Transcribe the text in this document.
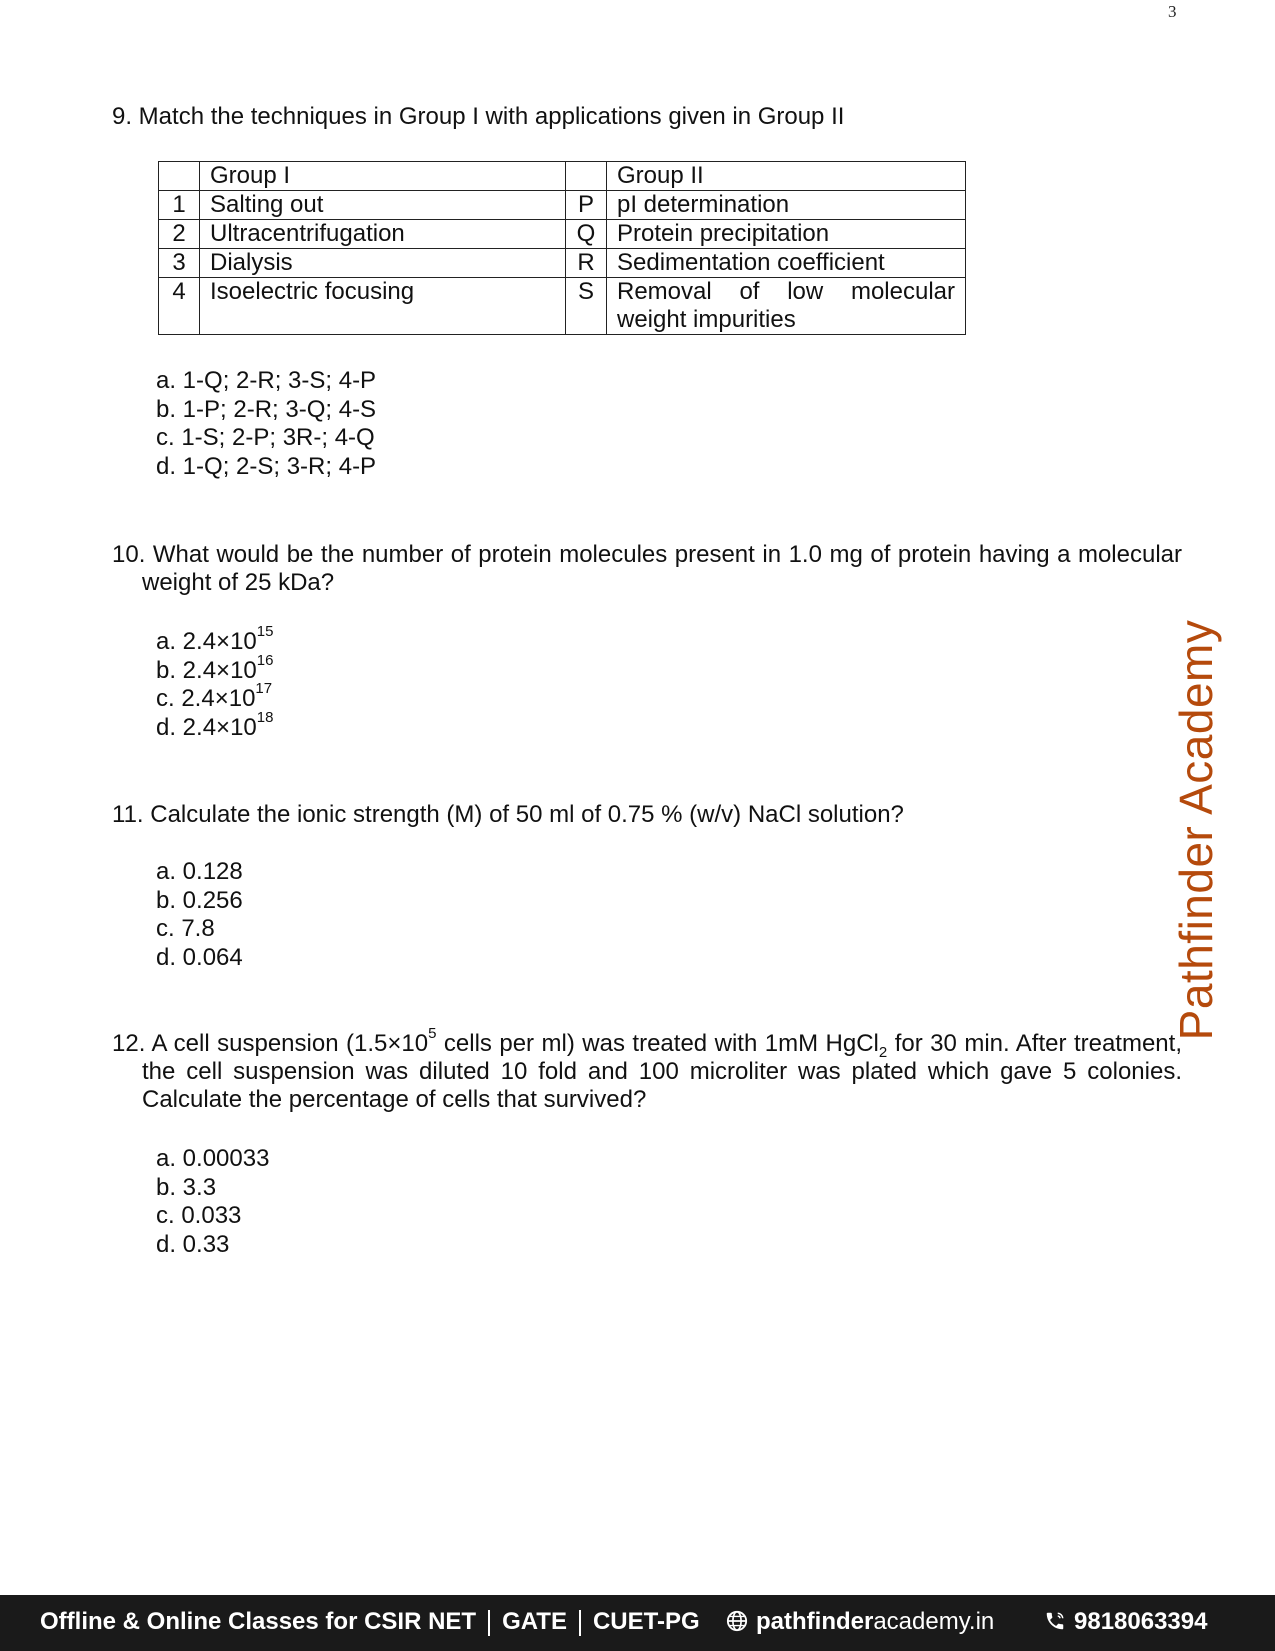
3
9. Match the techniques in Group I with applications given in Group II
	Group I		Group II
1	Salting out	P	pI determination
2	Ultracentrifugation	Q	Protein precipitation
3	Dialysis	R	Sedimentation coefficient
4	Isoelectric focusing	S	Removal of low molecular weight impurities
a. 1-Q; 2-R; 3-S; 4-P
b. 1-P; 2-R; 3-Q; 4-S
c. 1-S; 2-P; 3R-; 4-Q
d. 1-Q; 2-S; 3-R; 4-P
10. What would be the number of protein molecules present in 1.0 mg of protein having a molecular weight of 25 kDa?
a. $2.4\times 10^{15}$
b. $2.4\times 10^{16}$
c. $2.4\times 10^{17}$
d. $2.4\times 10^{18}$
11. Calculate the ionic strength (M) of 50 ml of 0.75 % (w/v) NaCl solution?
a. 0.128
b. 0.256
c. 7.8
d. 0.064
12. A cell suspension ($1.5\times 10^5$ cells per ml) was treated with 1mM HgCl$_2$ for 30 min. After treatment, the cell suspension was diluted 10 fold and 100 microliter was plated which gave 5 colonies. Calculate the percentage of cells that survived?
a. 0.00033
b. 3.3
c. 0.033
d. 0.33
Pathfinder Academy
Offline & Online Classes for CSIR NET GATE CUET-PG	pathfinderacademy.in	9818063394
